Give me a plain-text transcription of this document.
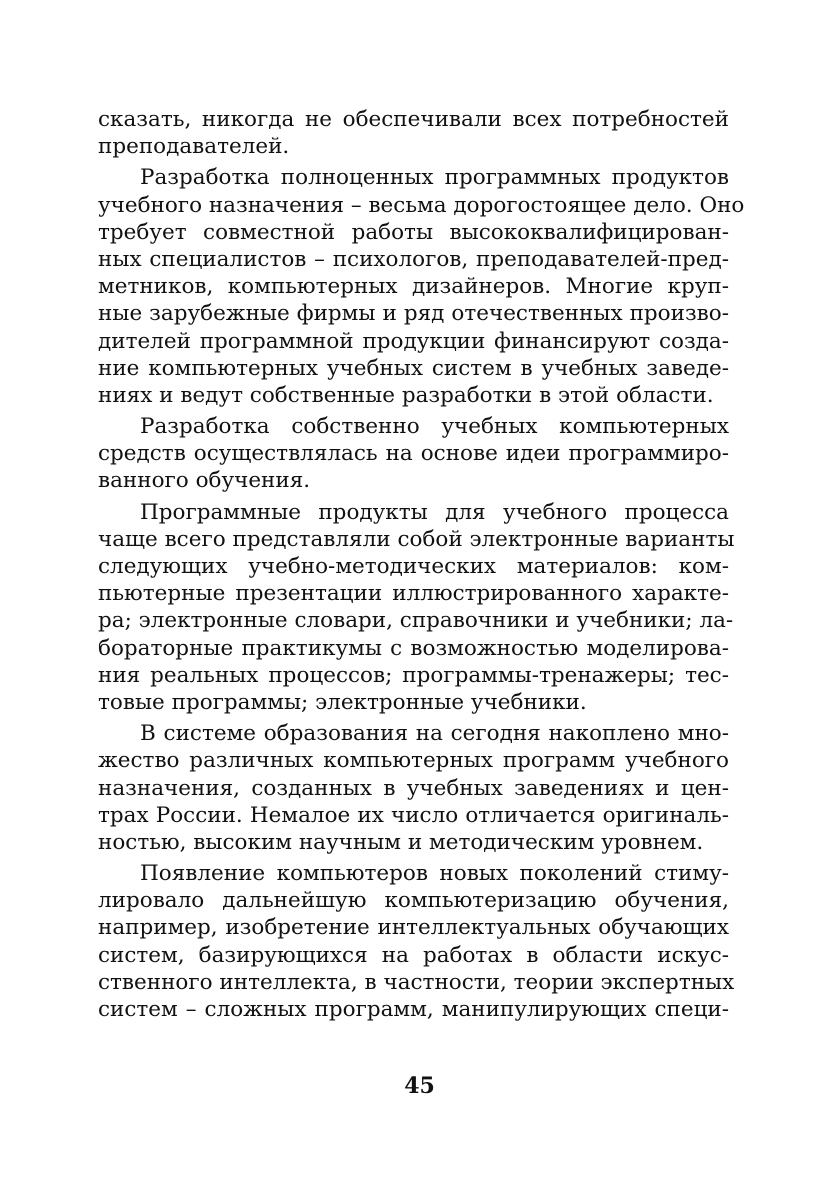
сказать, никогда не обеспечивали всех потребностей
преподавателей.
Разработка полноценных программных продуктов
учебного назначения – весьма дорогостоящее дело. Оно
требует совместной работы высококвалифицирован-
ных специалистов – психологов, преподавателей-пред-
метников, компьютерных дизайнеров. Многие круп-
ные зарубежные фирмы и ряд отечественных произво-
дителей программной продукции финансируют созда-
ние компьютерных учебных систем в учебных заведе-
ниях и ведут собственные разработки в этой области.
Разработка собственно учебных компьютерных
средств осуществлялась на основе идеи программиро-
ванного обучения.
Программные продукты для учебного процесса
чаще всего представляли собой электронные варианты
следующих учебно-методических материалов: ком-
пьютерные презентации иллюстрированного характе-
ра; электронные словари, справочники и учебники; ла-
бораторные практикумы с возможностью моделирова-
ния реальных процессов; программы-тренажеры; тес-
товые программы; электронные учебники.
В системе образования на сегодня накоплено мно-
жество различных компьютерных программ учебного
назначения, созданных в учебных заведениях и цен-
трах России. Немалое их число отличается оригиналь-
ностью, высоким научным и методическим уровнем.
Появление компьютеров новых поколений стиму-
лировало дальнейшую компьютеризацию обучения,
например, изобретение интеллектуальных обучающих
систем, базирующихся на работах в области искус-
ственного интеллекта, в частности, теории экспертных
систем – сложных программ, манипулирующих специ-
45
